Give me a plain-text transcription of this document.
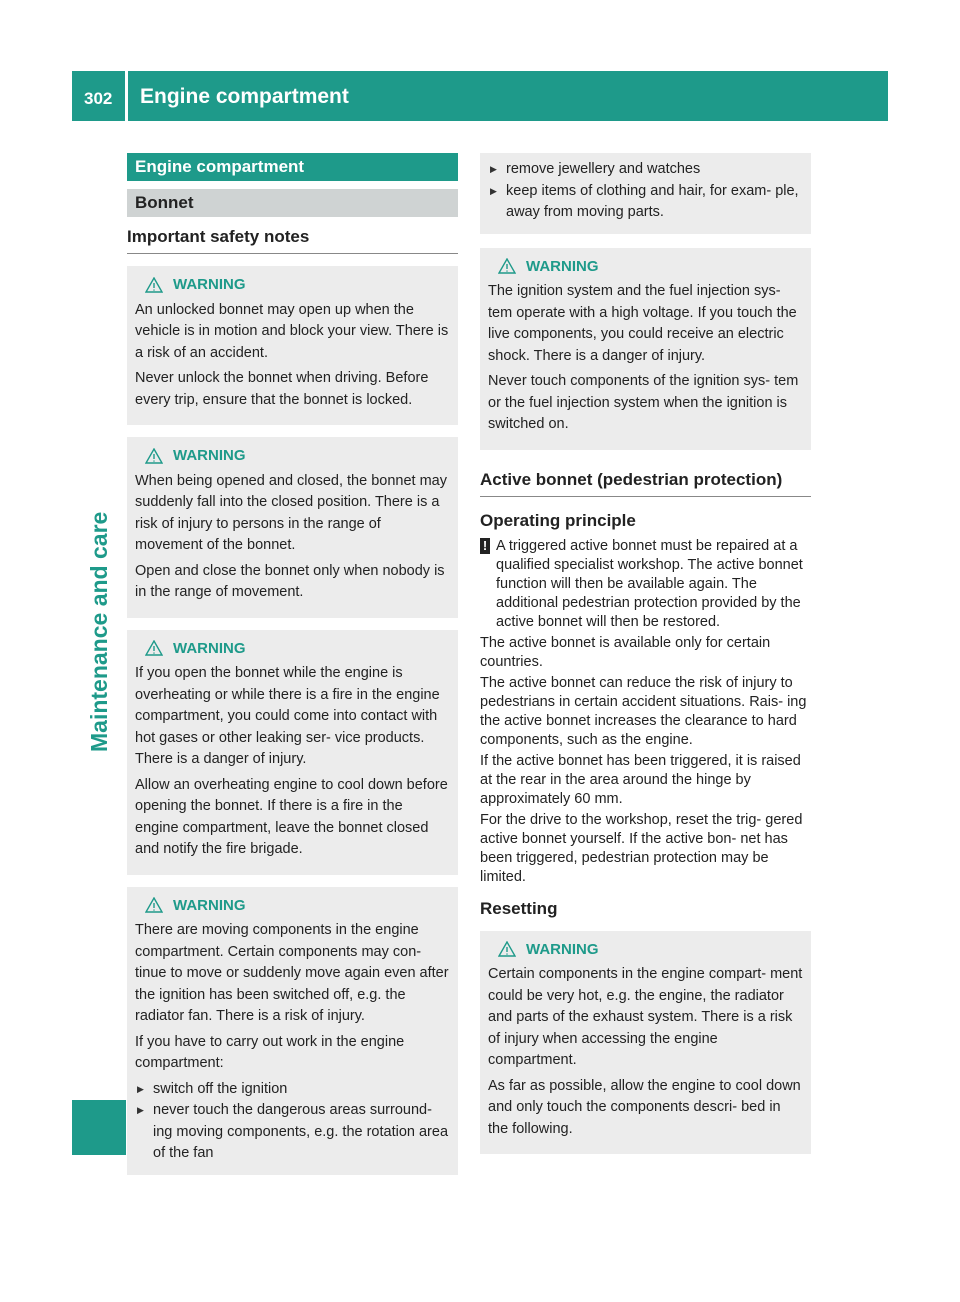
302 Engine compartment
Maintenance and care
Engine compartment
Bonnet
Important safety notes
WARNING

An unlocked bonnet may open up when the vehicle is in motion and block your view. There is a risk of an accident.

Never unlock the bonnet when driving. Before every trip, ensure that the bonnet is locked.

WARNING

When being opened and closed, the bonnet may suddenly fall into the closed position. There is a risk of injury to persons in the range of movement of the bonnet.

Open and close the bonnet only when nobody is in the range of movement.

WARNING

If you open the bonnet while the engine is overheating or while there is a fire in the engine compartment, you could come into contact with hot gases or other leaking ser- vice products. There is a danger of injury.

Allow an overheating engine to cool down before opening the bonnet. If there is a fire in the engine compartment, leave the bonnet closed and notify the fire brigade.

WARNING

There are moving components in the engine compartment. Certain components may con- tinue to move or suddenly move again even after the ignition has been switched off, e.g. the radiator fan. There is a risk of injury.

If you have to carry out work in the engine compartment:

▶ switch off the ignition
▶ never touch the dangerous areas surround- ing moving components, e.g. the rotation area of the fan
▶ remove jewellery and watches
▶ keep items of clothing and hair, for exam- ple, away from moving parts.
WARNING

The ignition system and the fuel injection sys- tem operate with a high voltage. If you touch the live components, you could receive an electric shock. There is a danger of injury.

Never touch components of the ignition sys- tem or the fuel injection system when the ignition is switched on.

Active bonnet (pedestrian protection)
Operating principle
! A triggered active bonnet must be repaired at a qualified specialist workshop. The active bonnet function will then be available again. The additional pedestrian protection provided by the active bonnet will then be restored.

The active bonnet is available only for certain countries.

The active bonnet can reduce the risk of injury to pedestrians in certain accident situations. Rais- ing the active bonnet increases the clearance to hard components, such as the engine.

If the active bonnet has been triggered, it is raised at the rear in the area around the hinge by approximately 60 mm.

For the drive to the workshop, reset the trig- gered active bonnet yourself. If the active bon- net has been triggered, pedestrian protection may be limited.

Resetting
WARNING

Certain components in the engine compart- ment could be very hot, e.g. the engine, the radiator and parts of the exhaust system. There is a risk of injury when accessing the engine compartment.

As far as possible, allow the engine to cool down and only touch the components descri- bed in the following.
